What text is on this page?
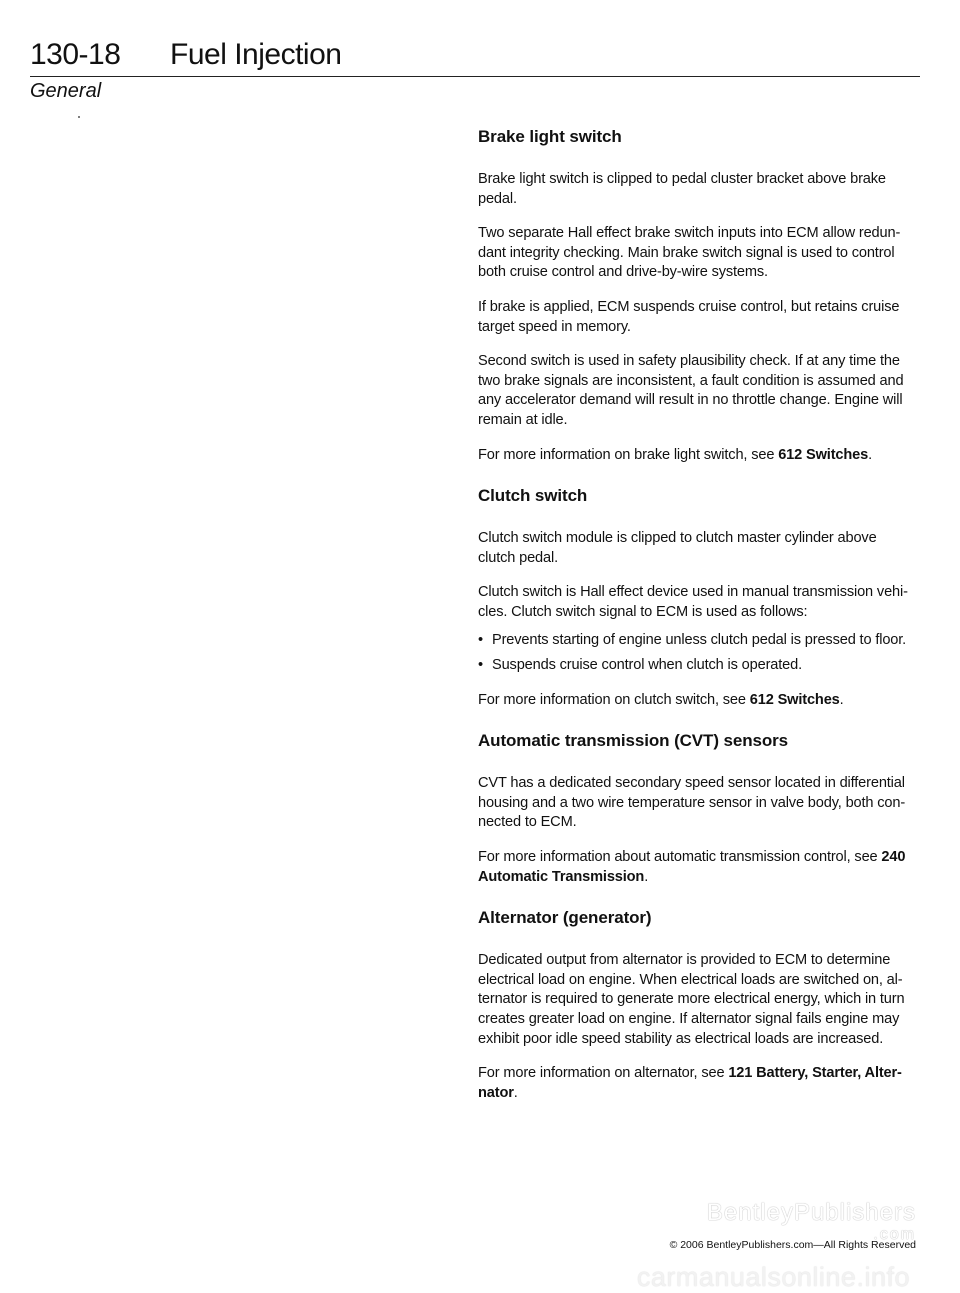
130-18 Fuel Injection
General
Brake light switch

Brake light switch is clipped to pedal cluster bracket above brake pedal.

Two separate Hall effect brake switch inputs into ECM allow redun-dant integrity checking. Main brake switch signal is used to control both cruise control and drive-by-wire systems.

If brake is applied, ECM suspends cruise control, but retains cruise target speed in memory.

Second switch is used in safety plausibility check. If at any time the two brake signals are inconsistent, a fault condition is assumed and any accelerator demand will result in no throttle change. Engine will remain at idle.

For more information on brake light switch, see 612 Switches.

Clutch switch

Clutch switch module is clipped to clutch master cylinder above clutch pedal.

Clutch switch is Hall effect device used in manual transmission vehi-cles. Clutch switch signal to ECM is used as follows:

• Prevents starting of engine unless clutch pedal is pressed to floor.
• Suspends cruise control when clutch is operated.

For more information on clutch switch, see 612 Switches.

Automatic transmission (CVT) sensors

CVT has a dedicated secondary speed sensor located in differential housing and a two wire temperature sensor in valve body, both con-nected to ECM.

For more information about automatic transmission control, see 240 Automatic Transmission.

Alternator (generator)

Dedicated output from alternator is provided to ECM to determine electrical load on engine. When electrical loads are switched on, al-ternator is required to generate more electrical energy, which in turn creates greater load on engine. If alternator signal fails engine may exhibit poor idle speed stability as electrical loads are increased.

For more information on alternator, see 121 Battery, Starter, Alter-nator.

BentleyPublishers
.com
© 2006 BentleyPublishers.com—All Rights Reserved
carmanualsonline.info
